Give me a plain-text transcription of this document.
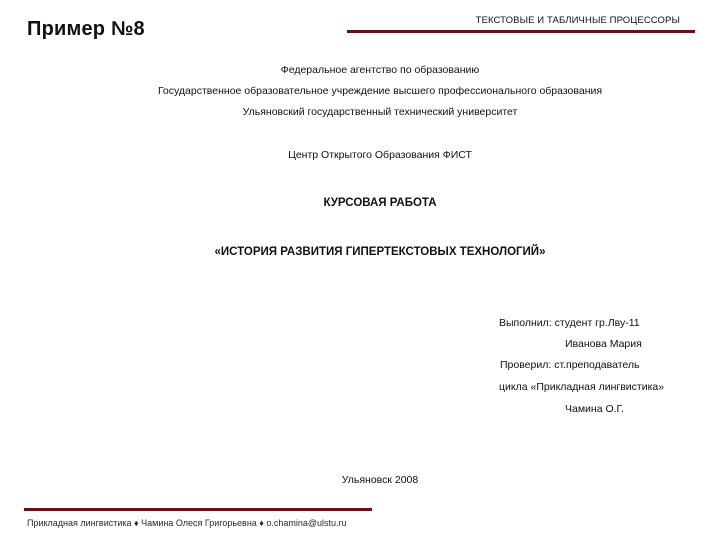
Пример №8	ТЕКСТОВЫЕ И ТАБЛИЧНЫЕ ПРОЦЕССОРЫ
Федеральное агентство по образованию
Государственное образовательное учреждение высшего профессионального образования
Ульяновский государственный технический университет
Центр Открытого Образования ФИСТ
КУРСОВАЯ РАБОТА
«ИСТОРИЯ РАЗВИТИЯ ГИПЕРТЕКСТОВЫХ ТЕХНОЛОГИЙ»
Выполнил: студент гр.Лву-11
Иванова Мария
Проверил: ст.преподаватель
цикла «Прикладная лингвистика»
Чамина О.Г.
Ульяновск 2008
Прикладная лингвистика ♦ Чамина Олеся Григорьевна ♦ o.chamina@ulstu.ru
